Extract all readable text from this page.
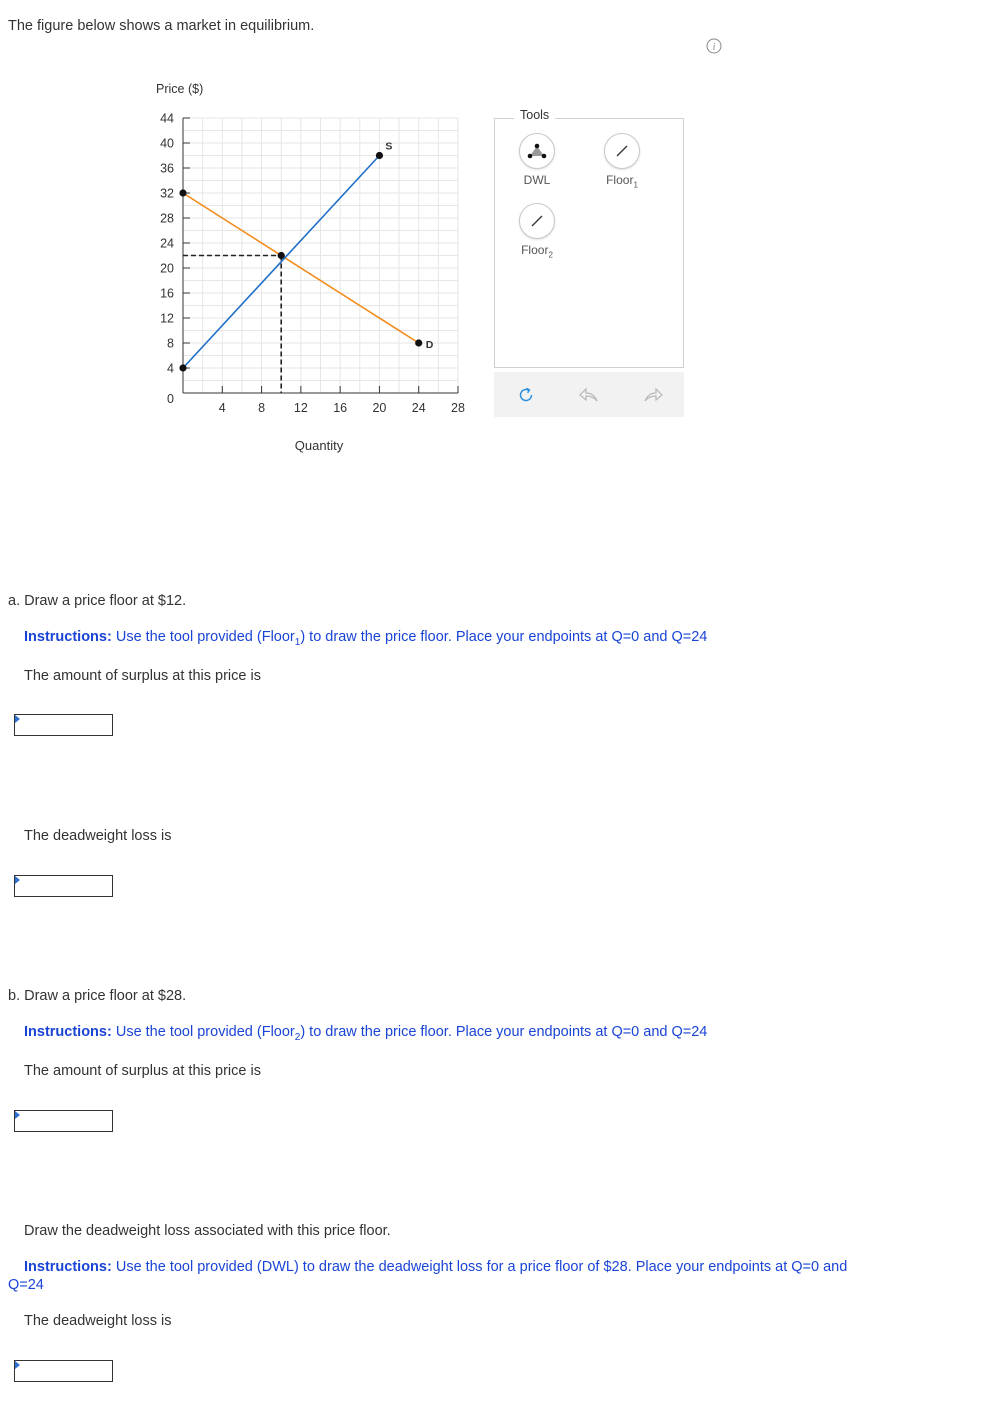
The figure below shows a market in equilibrium.
i
Price ($)
4
8
12
16
20
24
28
32
36
40
44
0
4	8 12 16 20 24 28
D
S
Quantity
DWL	Floor$_1$
Floor$_2$
Tools
a. Draw a price floor at $12.
Instructions: Use the tool provided (Floor$_1$) to draw the price floor. Place your endpoints at Q=0 and Q=24
The amount of surplus at this price is
The deadweight loss is
b. Draw a price floor at $28.
Instructions: Use the tool provided (Floor$_2$) to draw the price floor. Place your endpoints at Q=0 and Q=24
The amount of surplus at this price is
Draw the deadweight loss associated with this price floor.
Instructions: Use the tool provided (DWL) to draw the deadweight loss for a price floor of $28. Place your endpoints at Q=0 and
Q=24
The deadweight loss is
